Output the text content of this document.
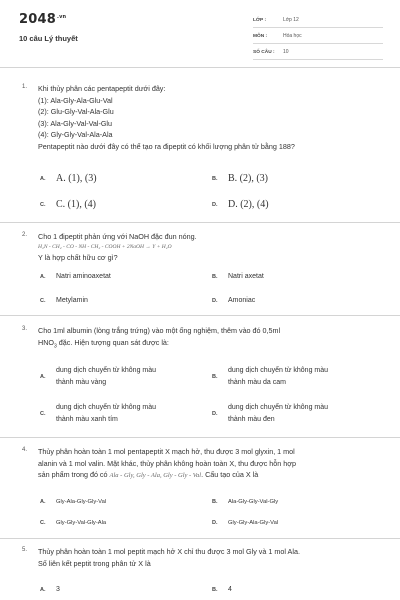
$2048^{.vn}$
10 câu Lý thuyết
LỚP :	Lớp 12
MÔN :	Hóa học
SỐ CÂU :	10
1. Khi thủy phân các pentapeptit dưới đây:
(1): Ala-Gly-Ala-Glu-Val
(2): Glu-Gly-Val-Ala-Glu
(3): Ala-Gly-Val-Val-Glu
(4): Gly-Gly-Val-Ala-Ala
Pentapeptit nào dưới đây có thể tạo ra đipeptit có khối lượng phân tử bằng 188?
A.	A. (1), (3)	B.	B. (2), (3)
C.	C. (1), (4)	D.	D. (2), (4)
2. Cho 1 đipeptit phản ứng với NaOH đặc đun nóng.
H₂N - CH₂ - CO - NH - CH₂ - COOH + 2NaOH → Y + H₂O
Y là hợp chất hữu cơ gì?
A.	Natri aminoaxetat	B.	Natri axetat
C.	Metylamin	D.	Amoniac
3. Cho 1ml albumin (lòng trắng trứng) vào một ống nghiệm, thêm vào đó 0,5ml
$HNO_3$ đặc. Hiện tượng quan sát được là:
A.
dung dịch chuyển từ không màu
thành màu vàng
B.
dung dịch chuyển từ không màu
thành màu da cam
C.
dung dịch chuyển từ không màu
thành màu xanh tím
D.
dung dịch chuyển từ không màu
thành màu đen
4. Thủy phân hoàn toàn 1 mol pentapeptit X mạch hở, thu được 3 mol glyxin, 1 mol
alanin và 1 mol valin. Mặt khác, thủy phân không hoàn toàn X, thu được hỗn hợp
sản phẩm trong đó có Ala - Gly, Gly - Ala, Gly - Gly - Val. Cấu tạo của X là
A.	Gly-Ala-Gly-Gly-Val	B.	Ala-Gly-Gly-Val-Gly
C.	Gly-Gly-Val-Gly-Ala	D.	Gly-Gly-Ala-Gly-Val
5. Thủy phân hoàn toàn 1 mol peptit mạch hở X chỉ thu được 3 mol Gly và 1 mol Ala.
Số liên kết peptit trong phân tử X là
A.	3	B.	4
